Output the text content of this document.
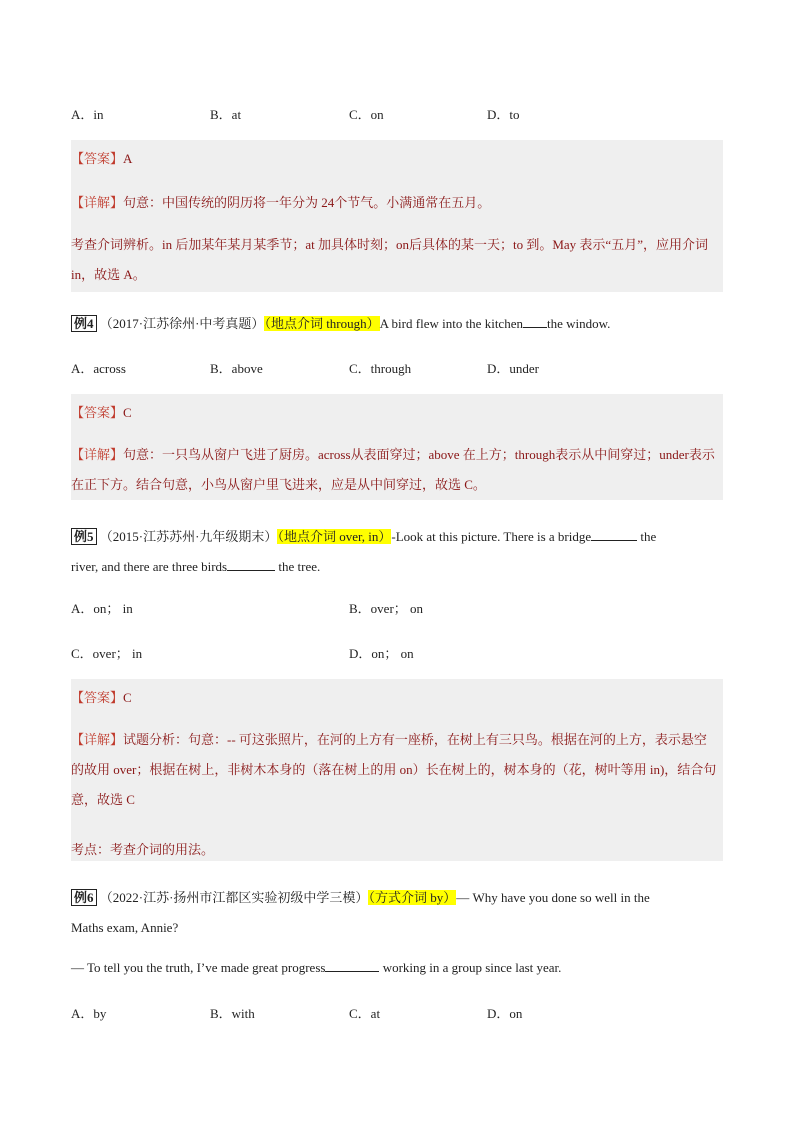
A．in	B．at	C．on	D．to
【答案】A
【详解】句意：中国传统的阴历将一年分为 24个节气。小满通常在五月。
考查介词辨析。in 后加某年某月某季节；at 加具体时刻；on后具体的某一天；to 到。May 表示“五月”，应用介词 in，故选 A。
例4 （2017·江苏徐州·中考真题）（地点介词 through）A bird flew into the kitchen the window.
A．across	B．above	C．through	D．under
【答案】C
【详解】句意：一只鸟从窗户飞进了厨房。across从表面穿过；above 在上方；through表示从中间穿过；under表示在正下方。结合句意，小鸟从窗户里飞进来，应是从中间穿过，故选 C。
例5 （2015·江苏苏州·九年级期末）（地点介词 over, in）-Look at this picture. There is a bridge	the
river, and there are three birds	the tree.
A．on； in	B．over； on
C．over； in	D．on； on
【答案】C
【详解】试题分析：句意：-- 可这张照片，在河的上方有一座桥，在树上有三只鸟。根据在河的上方，表示悬空的故用 over；根据在树上，非树木本身的（落在树上的用 on）长在树上的，树本身的（花，树叶等用 in)，结合句意，故选 C
考点：考查介词的用法。
例6 （2022·江苏·扬州市江都区实验初级中学三模）（方式介词 by）— Why have you done so well in the
Maths exam, Annie?
— To tell you the truth, I’ve made great progress	working in a group since last year.
A．by	B．with	C．at	D．on
